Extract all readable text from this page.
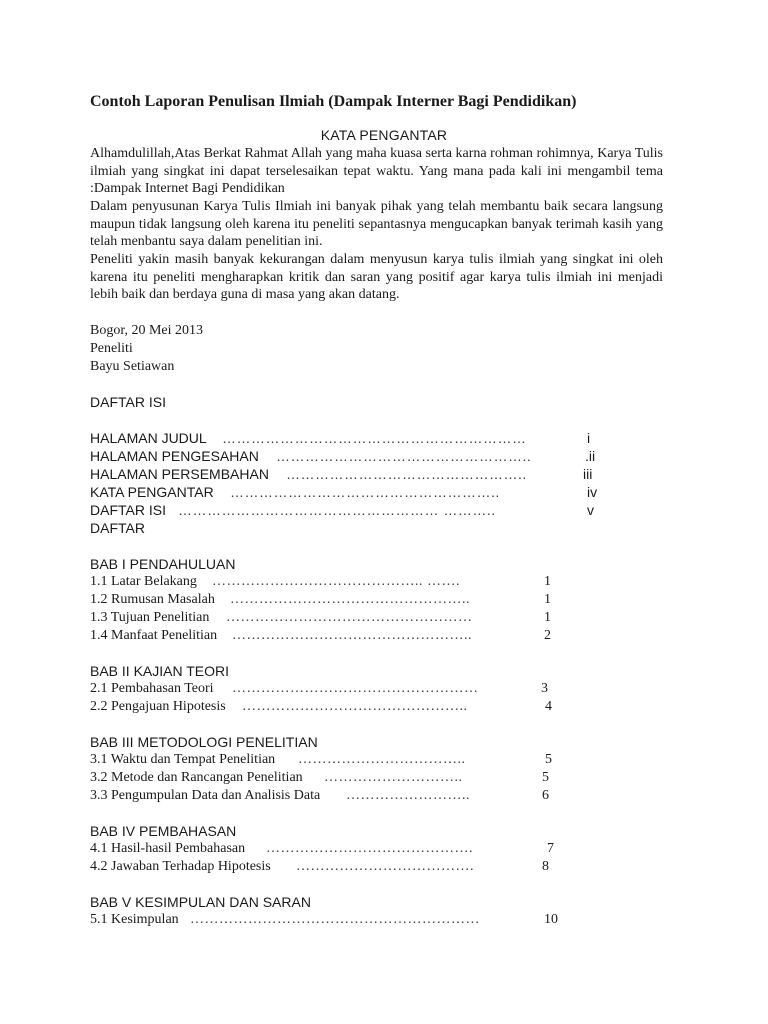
Contoh Laporan Penulisan Ilmiah (Dampak Interner Bagi Pendidikan)
KATA PENGANTAR
Alhamdulillah,Atas Berkat Rahmat Allah yang maha kuasa serta karna rohman rohimnya, Karya Tulis ilmiah yang singkat ini dapat terselesaikan tepat waktu. Yang mana pada kali ini mengambil tema :Dampak Internet Bagi Pendidikan
Dalam penyusunan Karya Tulis Ilmiah ini banyak pihak yang telah membantu baik secara langsung maupun tidak langsung oleh karena itu peneliti sepantasnya mengucapkan banyak terimah kasih yang telah menbantu saya dalam penelitian ini.
Peneliti yakin masih banyak kekurangan dalam menyusun karya tulis ilmiah yang singkat ini oleh karena itu peneliti mengharapkan kritik dan saran yang positif agar karya tulis ilmiah ini menjadi lebih baik dan berdaya guna di masa yang akan datang.
Bogor, 20 Mei 2013
Peneliti
Bayu Setiawan
DAFTAR ISI
HALAMAN JUDUL ………………………………………………………	i
HALAMAN PENGESAHAN ……………………………………………..	.ii
HALAMAN PERSEMBAHAN …………………………………………..	iii
KATA PENGANTAR ………………………………………………..	iv
DAFTAR ISI ……………………………………………… ………..	v
DAFTAR
BAB I PENDAHULUAN
1.1 Latar Belakang …………………………………….. …….	1
1.2 Rumusan Masalah …………………………………………..	1
1.3 Tujuan Penelitian ……………………………………………	1
1.4 Manfaat Penelitian …………………………………………..	2
BAB II KAJIAN TEORI
2.1 Pembahasan Teori ……………………………………………	3
2.2 Pengajuan Hipotesis ………………………………………..	4
BAB III METODOLOGI PENELITIAN
3.1 Waktu dan Tempat Penelitian ……………………………..	5
3.2 Metode dan Rancangan Penelitian ………………………..	5
3.3 Pengumpulan Data dan Analisis Data ……………………..	6
BAB IV PEMBAHASAN
4.1 Hasil-hasil Pembahasan …………………………………….	7
4.2 Jawaban Terhadap Hipotesis ……………………………….	8
BAB V KESIMPULAN DAN SARAN
5.1 Kesimpulan ……………………………………………………	10
